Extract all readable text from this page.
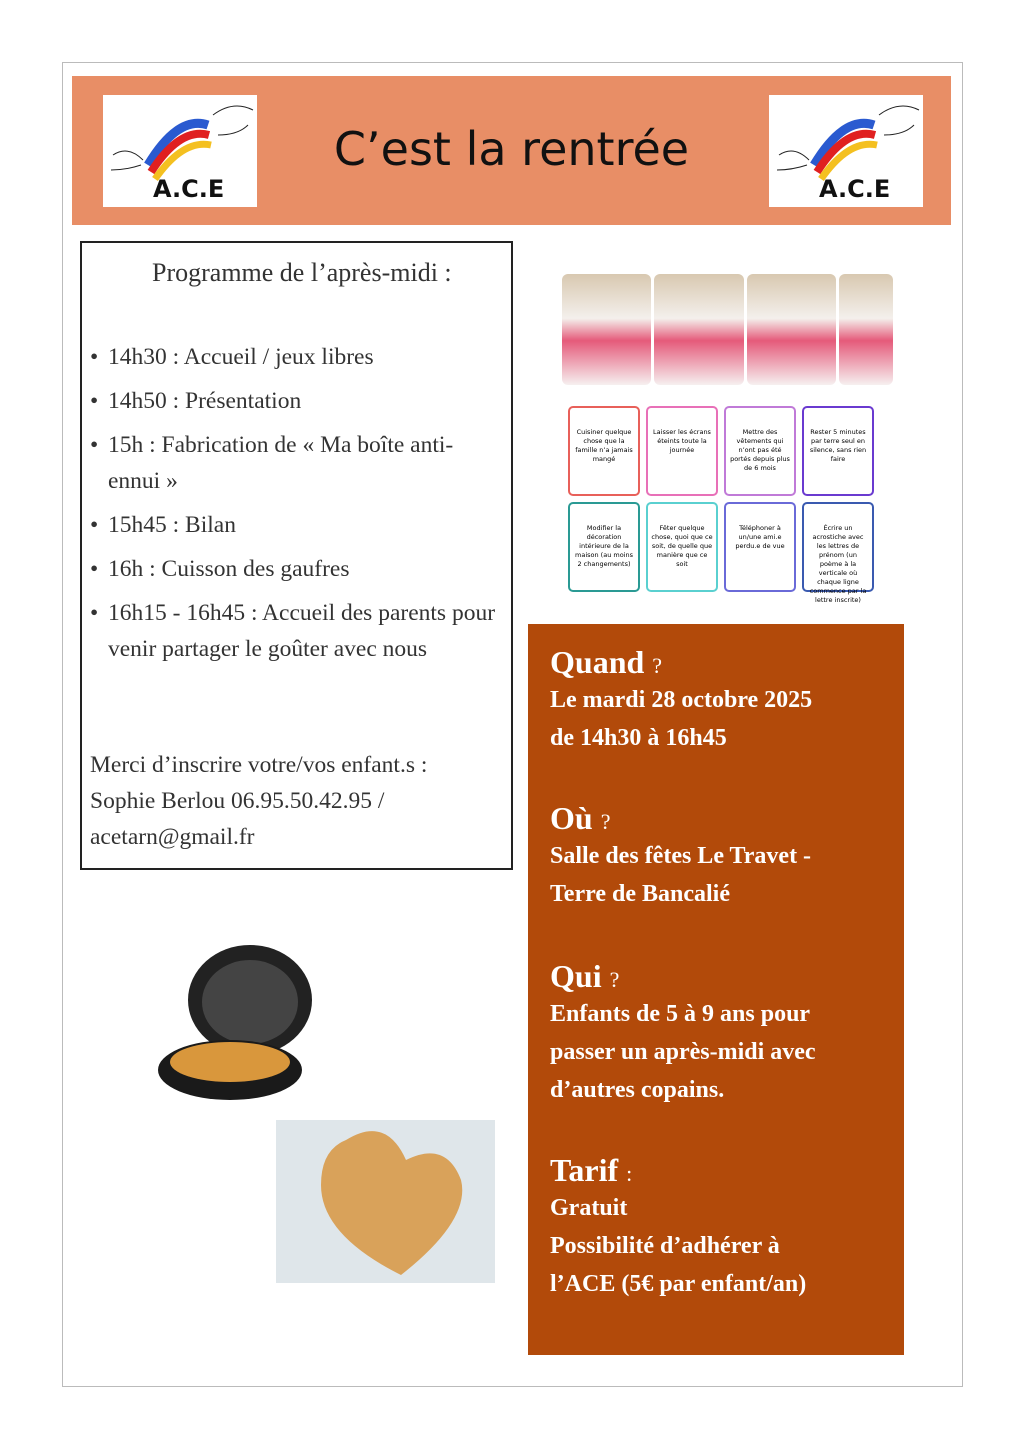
A.C.E
C’est la rentrée
A.C.E
Programme de l’après-midi :
• 14h30 : Accueil / jeux libres
• 14h50 : Présentation
• 15h : Fabrication de « Ma boîte anti-ennui »
• 15h45 : Bilan
• 16h : Cuisson des gaufres
• 16h15 - 16h45 : Accueil des parents pour venir partager le goûter avec nous
Merci d’inscrire votre/vos enfant.s :
Sophie Berlou 06.95.50.42.95 /
acetarn@gmail.fr
Cuisiner quelque chose que la famille n’a jamais mangé
Laisser les écrans éteints toute la journée
Mettre des vêtements qui n’ont pas été portés depuis plus de 6 mois
Rester 5 minutes par terre seul en silence, sans rien faire
Modifier la décoration intérieure de la maison (au moins 2 changements)
Fêter quelque chose, quoi que ce soit, de quelle que manière que ce soit
Téléphoner à un/une ami.e perdu.e de vue
Écrire un acrostiche avec les lettres de prénom (un poème à la verticale où chaque ligne commence par la lettre inscrite)
Quand ?

Le mardi 28 octobre 2025

de 14h30 à 16h45

Où ?

Salle des fêtes Le Travet -

Terre de Bancalié

Qui ?

Enfants de 5 à 9 ans pour

passer un après-midi avec

d’autres copains.

Tarif :

Gratuit

Possibilité d’adhérer à

l’ACE (5€ par enfant/an)
